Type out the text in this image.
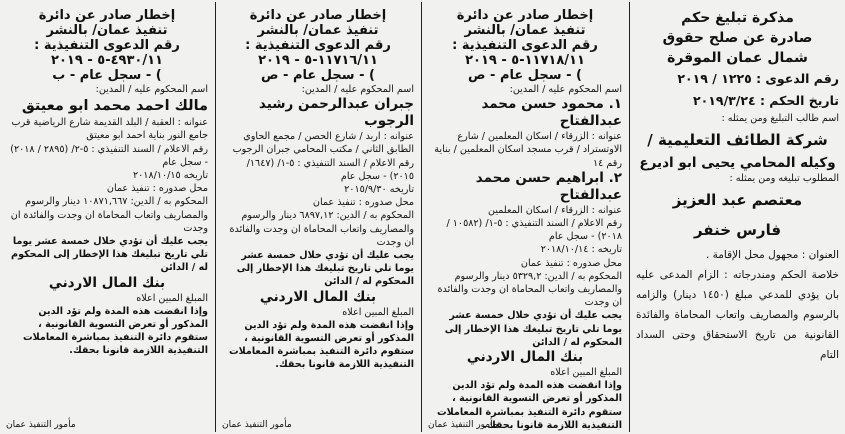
مذكرة تبليغ حكم
صادرة عن صلح حقوق
شمال عمان الموقرة
رقم الدعوى : ١٢٢٥ / ٢٠١٩
تاريخ الحكم : ٢٠١٩/٣/٢٤
اسم طالب التبليغ ومن يمثله :
شركة الطائف التعليمية /
وكيله المحامي يحيى ابو اديرع
المطلوب تبليغه ومن يمثله :
معتصم عبد العزيز
فارس خنفر
العنوان : مجهول محل الإقامة .
خلاصة الحكم ومندرجاته : الزام المدعى عليه بان يؤدي للمدعي مبلغ (١٤٥٠ دينار) والزامه بالرسوم والمصاريف واتعاب المحاماة والفائدة القانونية من تاريخ الاستحقاق وحتى السداد التام
إخطار صادر عن دائرة
تنفيذ عمان/ بالنشر
رقم الدعوى التنفيذية :
١١٧١٨/١١-٥ - ٢٠١٩
) - سجل عام - ص
اسم المحكوم عليه / المدين:
١. محمود حسن محمد عبدالفتاح
عنوانه : الزرقاء / اسكان المعلمين / شارع الاوتستراد / قرب مسجد اسكان المعلمين / بناية رقم ١٤
٢. ابراهيم حسن محمد عبدالفتاح
عنوانه : الزرقاء / اسكان المعلمين
رقم الاعلام / السند التنفيذي : ٥-١/ (١٠٥٨٢ / ٢٠١٨) - سجل عام
تاريخه : ٢٠١٨/١٠/١٤
محل صدوره : تنفيذ عمان
المحكوم به / الدين: ٥٣٢٩,٢ دينار والرسوم والمصاريف واتعاب المحاماة ان وجدت والفائدة ان وجدت
يجب عليك أن تؤدي خلال خمسة عشر يوما تلي تاريخ تبليغك هذا الإخطار إلى المحكوم له / الدائن
بنك المال الاردني
المبلغ المبين اعلاه
وإذا انقضت هذه المدة ولم تؤد الدين المذكور أو تعرض التسوية القانونية ، ستقوم دائرة التنفيذ بمباشرة المعاملات التنفيذية اللازمة قانونا بحقك.
مأمور التنفيذ عمان
إخطار صادر عن دائرة
تنفيذ عمان/ بالنشر
رقم الدعوى التنفيذية :
١١٧١٦/١١-٥ - ٢٠١٩
) - سجل عام - ص
اسم المحكوم عليه / المدين:
جبران عبدالرحمن رشيد الرجوب
عنوانه : اربد / شارع الحصن / مجمع الحاوي الطابق الثاني / مكتب المحامي جبران الرجوب
رقم الاعلام / السند التنفيذي : ٥-١/ (١٦٤٧/ ٢٠١٥) - سجل عام
تاريخه ٢٠١٥/٩/٣٠
محل صدوره : تنفيذ عمان
المحكوم به / الدين: ٦٨٩٧,١٢ دينار والرسوم والمصاريف واتعاب المحاماة ان وجدت والفائدة ان وجدت
يجب عليك أن تؤدي خلال خمسة عشر يوما تلي تاريخ تبليغك هذا الإخطار إلى المحكوم له / الدائن
بنك المال الاردني
المبلغ المبين اعلاه
وإذا انقضت هذه المدة ولم تؤد الدين المذكور أو تعرض التسوية القانونية ، ستقوم دائرة التنفيذ بمباشرة المعاملات التنفيذية اللازمة قانونا بحقك.
مأمور التنفيذ عمان
إخطار صادر عن دائرة
تنفيذ عمان/ بالنشر
رقم الدعوى التنفيذية :
٤٩٣٠/١١-٥ - ٢٠١٩
) - سجل عام - ب
اسم المحكوم عليه / المدين:
مالك احمد محمد ابو معيتق
عنوانه : العقبة / البلد القديمة شارع الرياضية قرب جامع النور بناية احمد ابو معيتق
رقم الاعلام / السند التنفيذي : ٥-٢/ (٢٨٩٥ / ٢٠١٨) - سجل عام
تاريخه ٢٠١٨/١٠/١٥
محل صدوره : تنفيذ عمان
المحكوم به / الدين: ١٠٨٧١,٦٦٧ دينار والرسوم والمصاريف واتعاب المحاماة ان وجدت والفائدة ان وجدت
يجب عليك أن تؤدي خلال خمسة عشر يوما تلي تاريخ تبليغك هذا الإخطار إلى المحكوم له / الدائن
بنك المال الاردني
المبلغ المبين اعلاه
وإذا انقضت هذه المدة ولم تؤد الدين المذكور أو تعرض التسوية القانونية ، ستقوم دائرة التنفيذ بمباشرة المعاملات التنفيذية اللازمة قانونا بحقك.
مأمور التنفيذ عمان
